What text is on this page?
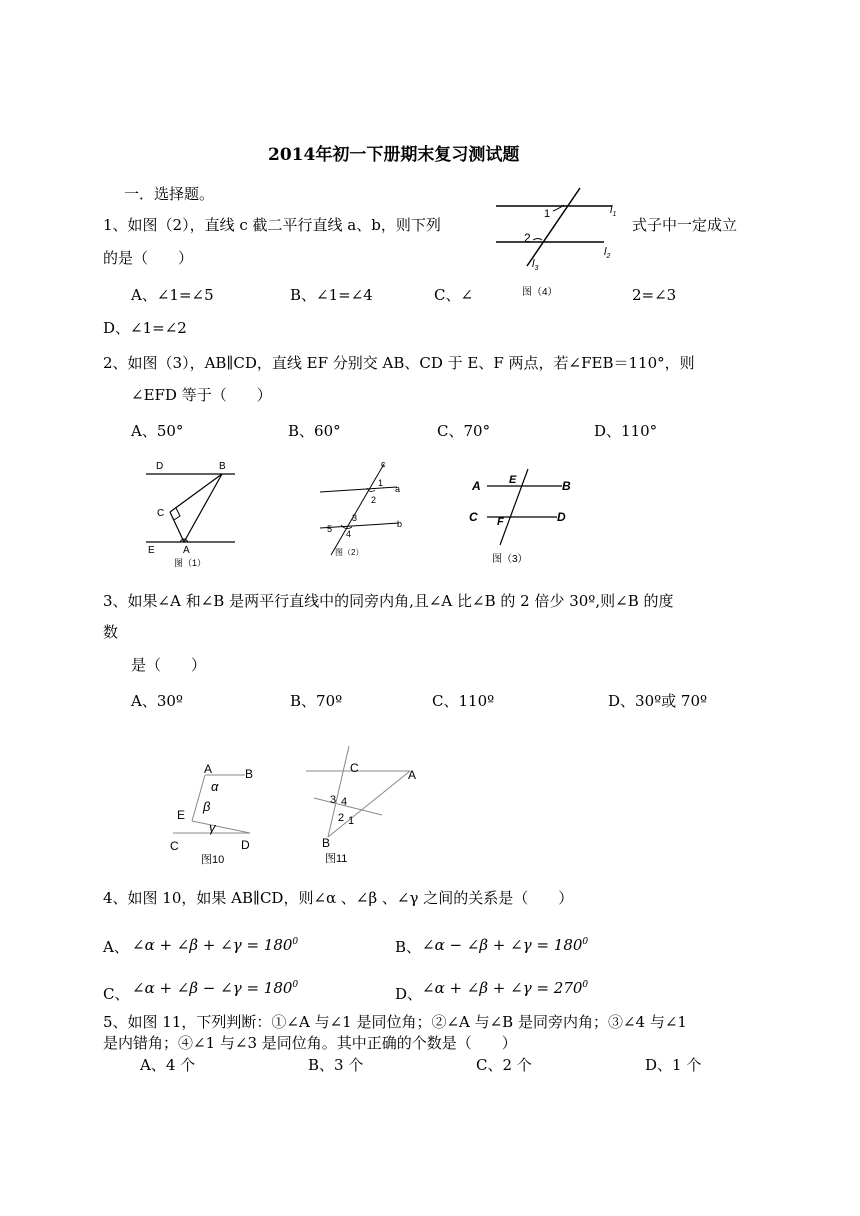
2014年初一下册期末复习测试题
一．选择题。
1、如图（2），直线 c 截二平行直线 a、b，则下列	式子中一定成立
的是（　　）
1
2
$l_1$
$l_2$
$l_3$
图（4）
A、∠1=∠5	B、∠1=∠4	C、∠	2=∠3
D、∠1=∠2
2、如图（3），AB∥CD，直线 EF 分别交 AB、CD 于 E、F 两点，若∠FEB＝110°，则
∠EFD 等于（　　）
A、50°	B、60°	C、70°	D、110°
D	B
C
E	A
图（1）
c
a
b
1
2
3
4
5
图（2）
A	B
C	D
E
F
图（3）
3、如果∠A 和∠B 是两平行直线中的同旁内角,且∠A 比∠B 的 2 倍少 30º,则∠B 的度
数
是（　　）
A、30º	B、70º	C、110º	D、30º或 70º
A	B
α
β
E
γ
C	D
图10
C	A
3 4
2 1
B
图11
4、如图 10，如果 AB∥CD，则∠α 、∠β 、∠γ 之间的关系是（　　）
A、 ∠α + ∠β + ∠γ = $180^0$	B、 ∠α − ∠β + ∠γ = $180^0$
C、 ∠α + ∠β − ∠γ = $180^0$	D、 ∠α + ∠β + ∠γ = $270^0$
5、如图 11，下列判断：①∠A 与∠1 是同位角；②∠A 与∠B 是同旁内角；③∠4 与∠1
是内错角；④∠1 与∠3 是同位角。其中正确的个数是（　　）
A、4 个	B、3 个	C、2 个	D、1 个
